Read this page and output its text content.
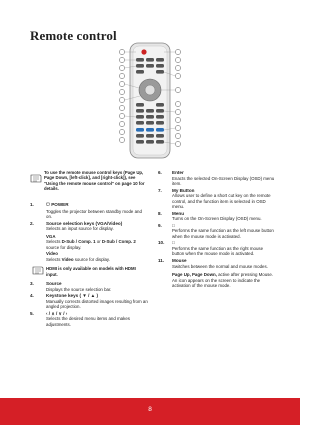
Remote control
To use the remote mouse control keys (Page Up, Page Down, [left-click], and [right-click]), see "Using the remote mouse control" on page 10 for details.
1.	⏻ POWER
Toggles the projector between standby mode and on.
2.	Source selection keys (VGA/Video)
Selects an input source for display.
VGA
Selects D-Sub / Comp. 1 or D-Sub / Comp. 2 source for display.
Video
Selects Video source for display.
HDMI is only available on models with HDMI input.
3.	Source
Displays the source selection bar.
4.	Keystone keys ( ▼ / ▲ )
Manually corrects distorted images resulting from an angled projection.
5.	‹ / ∧ / ∨ / ›
Selects the desired menu items and makes adjustments.
6.	Enter
Enacts the selected On-Screen Display (OSD) menu item.
7.	My Button
Allows user to define a short cut key on the remote control, and the function item is selected in OSD menu.
8.	Menu
Turns on the On-Screen Display (OSD) menu.
9.	□
Performs the same function as the left mouse button when the mouse mode is activated.
10.	□
Performs the same function as the right mouse button when the mouse mode is activated.
11.	Mouse
Switches between the normal and mouse modes.
Page Up, Page Down, active after pressing Mouse. An icon appears on the screen to indicate the activation of the mouse mode.
8
